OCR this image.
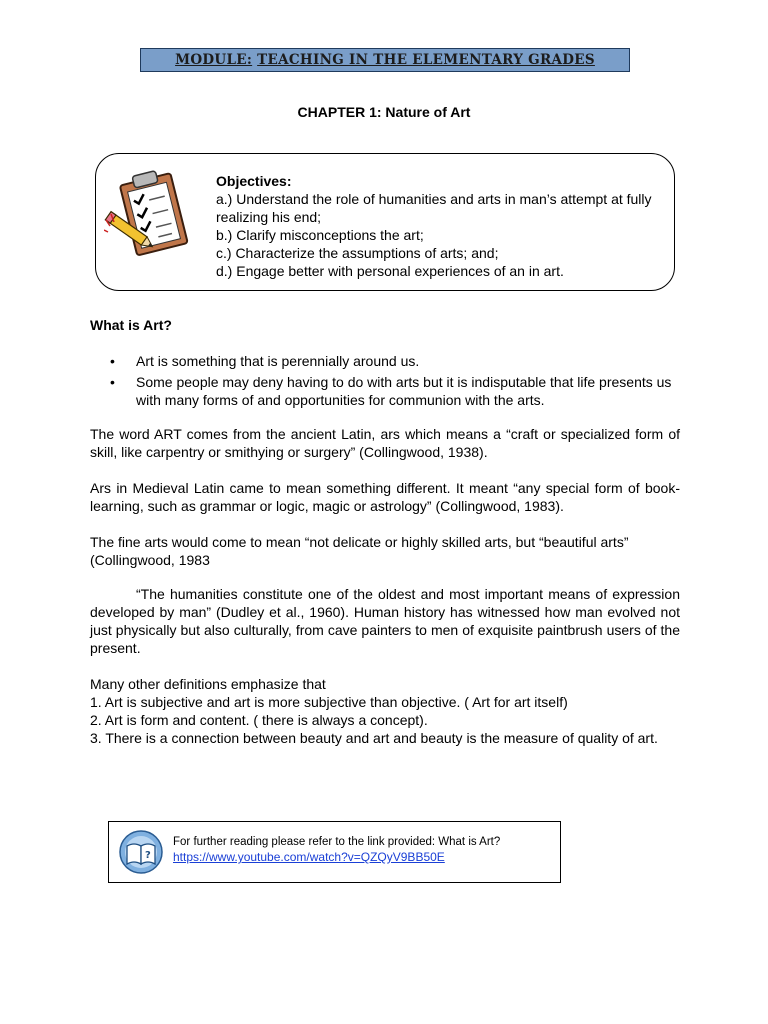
MODULE:
TEACHING IN THE ELEMENTARY GRADES
CHAPTER 1: Nature of Art
Objectives:
a.) Understand the role of humanities and arts in man’s attempt at fully realizing his end;
b.) Clarify misconceptions the art;
c.) Characterize the assumptions of arts; and;
d.) Engage better with personal experiences of an in art.
What is Art?
• Art is something that is perennially around us.
• Some people may deny having to do with arts but it is indisputable that life presents us with many forms of and opportunities for communion with the arts.
The word ART comes from the ancient Latin, ars which means a “craft or specialized form of skill, like carpentry or smithying or surgery” (Collingwood, 1938).
Ars in Medieval Latin came to mean something different. It meant “any special form of book- learning, such as grammar or logic, magic or astrology” (Collingwood, 1983).
The fine arts would come to mean “not delicate or highly skilled arts, but “beautiful arts” (Collingwood, 1983
“The humanities constitute one of the oldest and most important means of expression developed by man” (Dudley et al., 1960). Human history has witnessed how man evolved not just physically but also culturally, from cave painters to men of exquisite paintbrush users of the present.
Many other definitions emphasize that
1. Art is subjective and art is more subjective than objective. ( Art for art itself)
2. Art is form and content. ( there is always a concept).
3. There is a connection between beauty and art and beauty is the measure of quality of art.
?
For further reading please refer to the link provided: What is Art?
https://www.youtube.com/watch?v=QZQyV9BB50E
